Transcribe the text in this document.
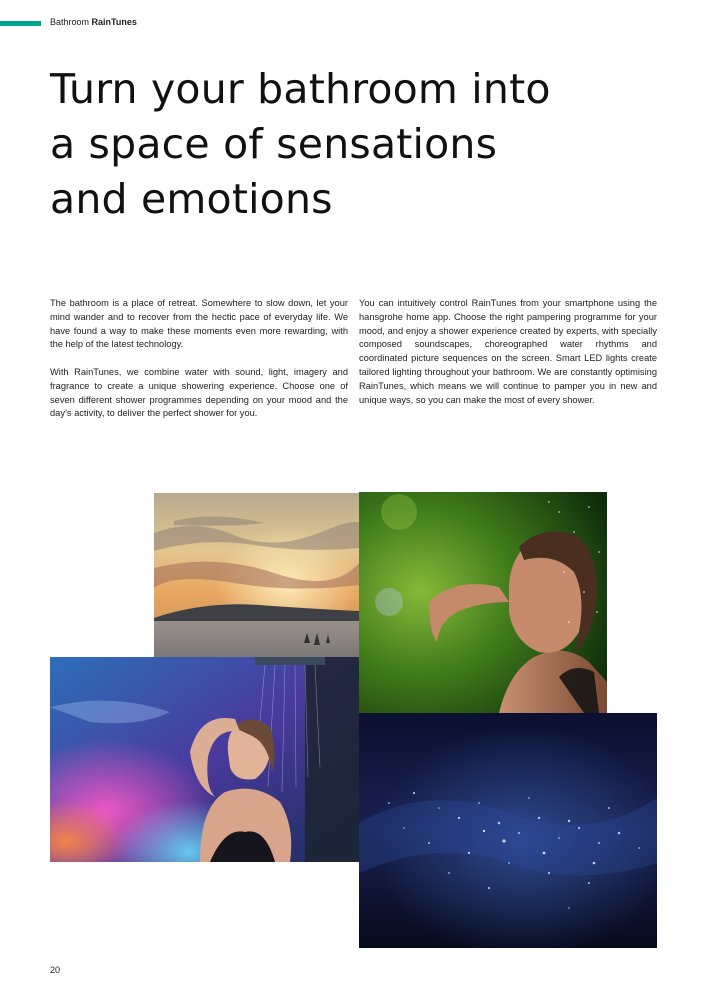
Bathroom RainTunes
Turn your bathroom into
a space of sensations
and emotions

The bathroom is a place of retreat. Somewhere to slow down, let your mind wander and to recover from the hectic pace of everyday life. We have found a way to make these moments even more rewarding, with the help of the latest technology.

With RainTunes, we combine water with sound, light, imagery and fragrance to create a unique showering experience. Choose one of seven different shower programmes depending on your mood and the day’s activity, to deliver the perfect shower for you.

You can intuitively control RainTunes from your smartphone using the hansgrohe home app. Choose the right pampering programme for your mood, and enjoy a shower experience created by experts, with specially composed soundscapes, choreographed water rhythms and coordinated picture sequences on the screen. Smart LED lights create tailored lighting throughout your bathroom. We are constantly optimising RainTunes, which means we will continue to pamper you in new and unique ways, so you can make the most of every shower.

20
